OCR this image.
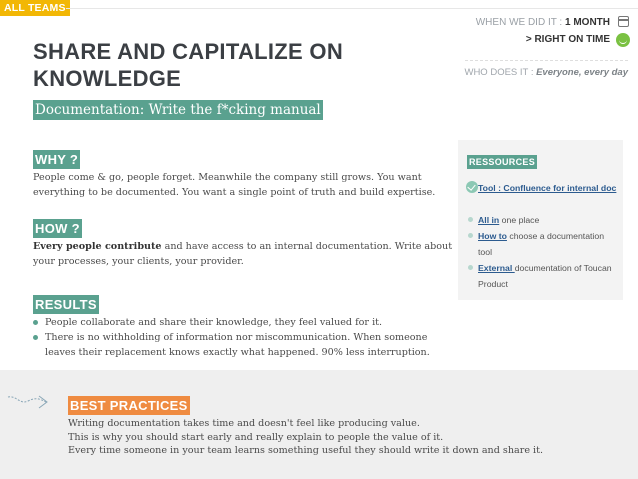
ALL TEAMS
SHARE AND CAPITALIZE ON KNOWLEDGE
Documentation: Write the f*cking manual
WHEN WE DID IT : 1 MONTH
> RIGHT ON TIME
WHO DOES IT : Everyone, every day
WHY ?

People come & go, people forget. Meanwhile the company still grows. You want everything to be documented. You want a single point of truth and build expertise.

HOW ?

Every people contribute and have access to an internal documentation. Write about your processes, your clients, your provider.

RESULTS
People collaborate and share their knowledge, they feel valued for it.
There is no withholding of information nor miscommunication. When someone leaves their replacement knows exactly what happened. 90% less interruption.
RESSOURCES
Tool : Confluence for internal doc
All in one place
How to choose a documentation tool
External documentation of Toucan Product
BEST PRACTICES
Writing documentation takes time and doesn't feel like producing value.
This is why you should start early and really explain to people the value of it.
Every time someone in your team learns something useful they should write it down and share it.
